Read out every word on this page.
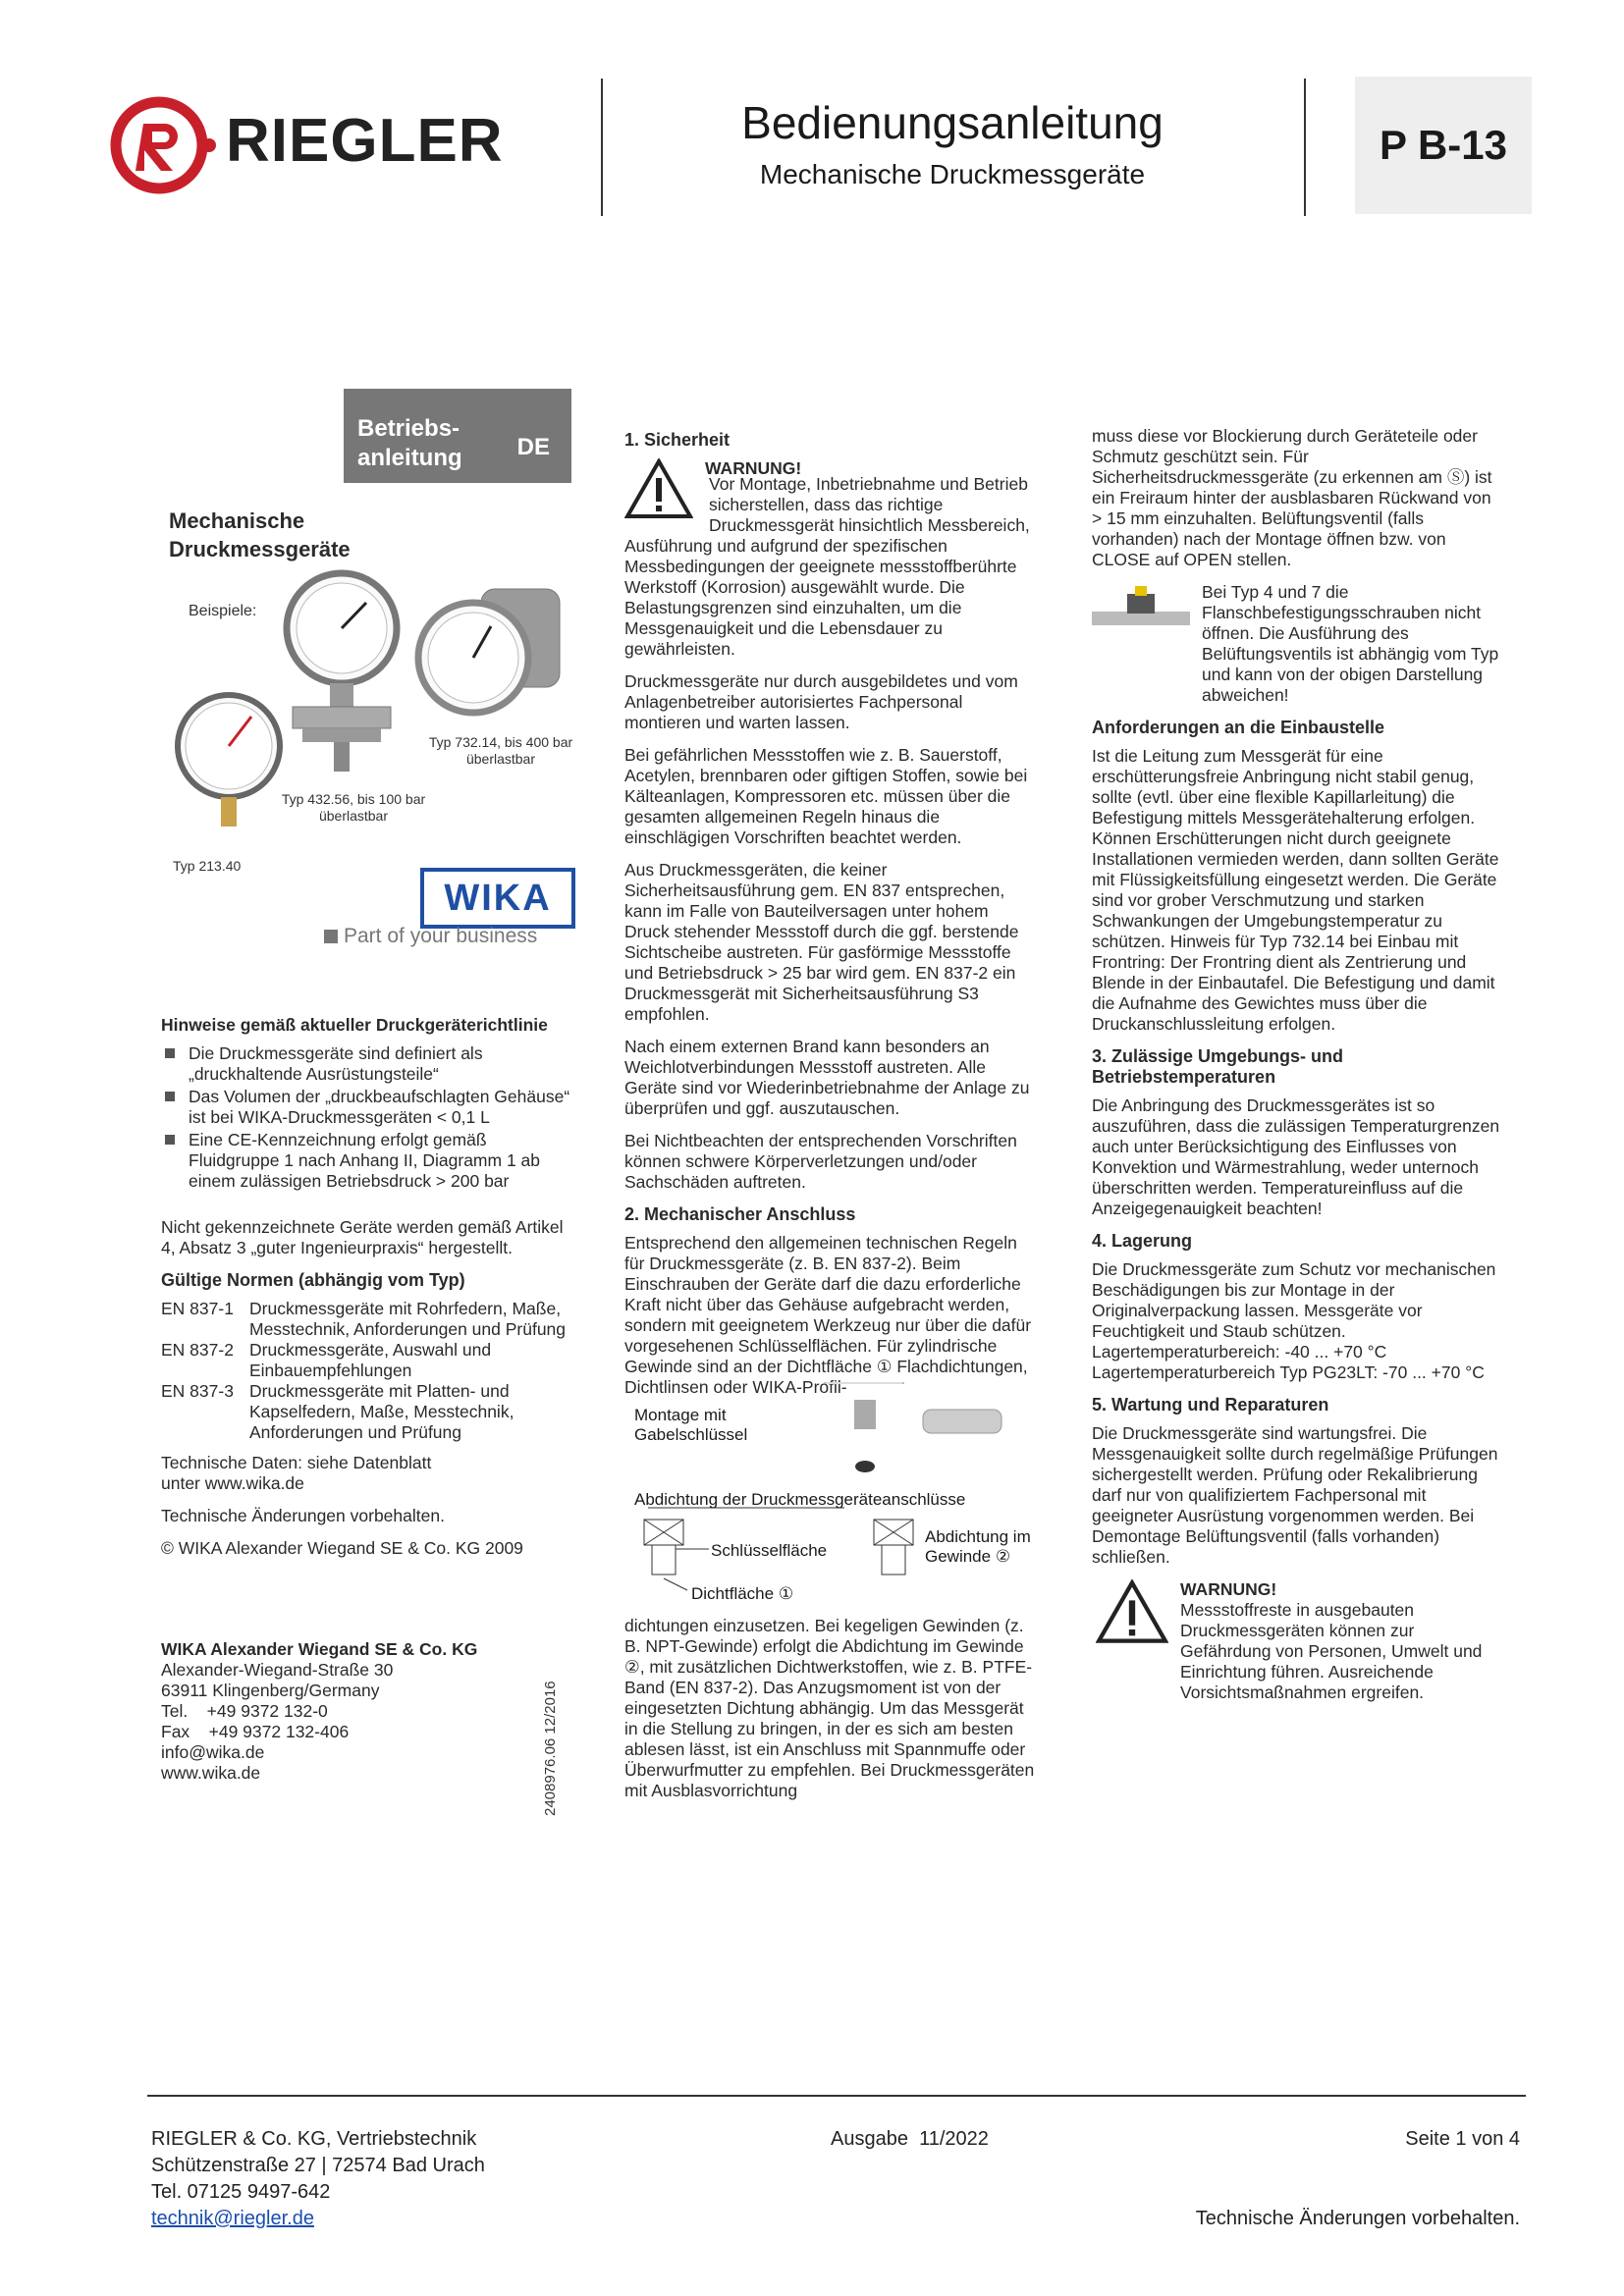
RIEGLER	Bedienungsanleitung
Mechanische Druckmessgeräte
P B-13
Betriebs-anleitung	DE
Mechanische Druckmessgeräte
Beispiele:
Typ 213.40
Typ 432.56, bis 100 bar überlastbar
Typ 732.14, bis 400 bar überlastbar
WIKA
Part of your business
Hinweise gemäß aktueller Druckgeräterichtlinie
Die Druckmessgeräte sind definiert als „druckhaltende Ausrüstungsteile“
Das Volumen der „druckbeaufschlagten Gehäuse“ ist bei WIKA-Druckmessgeräten < 0,1 L
Eine CE-Kennzeichnung erfolgt gemäß Fluidgruppe 1 nach Anhang II, Diagramm 1 ab einem zulässigen Betriebsdruck > 200 bar

Nicht gekennzeichnete Geräte werden gemäß Artikel 4, Absatz 3 „guter Ingenieurpraxis“ hergestellt.

Gültige Normen (abhängig vom Typ)
EN 837-1 Druckmessgeräte mit Rohrfedern, Maße, Messtechnik, Anforderungen und Prüfung
EN 837-2 Druckmessgeräte, Auswahl und Einbauempfehlungen
EN 837-3 Druckmessgeräte mit Platten- und Kapselfedern, Maße, Messtechnik, Anforderungen und Prüfung

Technische Daten: siehe Datenblatt unter www.wika.de

Technische Änderungen vorbehalten.

© WIKA Alexander Wiegand SE & Co. KG 2009

WIKA Alexander Wiegand SE & Co. KG
Alexander-Wiegand-Straße 30
63911 Klingenberg/Germany
Tel.    +49 9372 132-0
Fax    +49 9372 132-406
info@wika.de
www.wika.de	2408976.06 12/2016
1. Sicherheit
WARNUNG!

Vor Montage, Inbetriebnahme und Betrieb sicherstellen, dass das richtige Druckmessgerät hinsichtlich Messbereich, Ausführung und aufgrund der spezifischen Messbedingungen der geeignete messstoffberührte Werkstoff (Korrosion) ausgewählt wurde. Die Belastungsgrenzen sind einzuhalten, um die Messgenauigkeit und die Lebensdauer zu gewährleisten.

Druckmessgeräte nur durch ausgebildetes und vom Anlagenbetreiber autorisiertes Fachpersonal montieren und warten lassen.

Bei gefährlichen Messstoffen wie z. B. Sauerstoff, Acetylen, brennbaren oder giftigen Stoffen, sowie bei Kälteanlagen, Kompressoren etc. müssen über die gesamten allgemeinen Regeln hinaus die einschlägigen Vorschriften beachtet werden.

Aus Druckmessgeräten, die keiner Sicherheitsausführung gem. EN 837 entsprechen, kann im Falle von Bauteilversagen unter hohem Druck stehender Messstoff durch die ggf. berstende Sichtscheibe austreten. Für gasförmige Messstoffe und Betriebsdruck > 25 bar wird gem. EN 837-2 ein Druckmessgerät mit Sicherheitsausführung S3 empfohlen.

Nach einem externen Brand kann besonders an Weichlotverbindungen Messstoff austreten. Alle Geräte sind vor Wiederinbetriebnahme der Anlage zu überprüfen und ggf. auszutauschen.

Bei Nichtbeachten der entsprechenden Vorschriften können schwere Körperverletzungen und/oder Sachschäden auftreten.

2. Mechanischer Anschluss

Entsprechend den allgemeinen technischen Regeln für Druckmessgeräte (z. B. EN 837-2). Beim Einschrauben der Geräte darf die dazu erforderliche Kraft nicht über das Gehäuse aufgebracht werden, sondern mit geeignetem Werkzeug nur über die dafür vorgesehenen Schlüsselflächen. Für zylindrische Gewinde sind an der Dichtfläche ① Flachdichtungen, Dichtlinsen oder WIKA-Profil-

Montage mit Gabelschlüssel
Abdichtung der Druckmessgeräteanschlüsse
Schlüsselfläche
Dichtfläche ①
Abdichtung im Gewinde ②

dichtungen einzusetzen. Bei kegeligen Gewinden (z. B. NPT-Gewinde) erfolgt die Abdichtung im Gewinde ②, mit zusätzlichen Dichtwerkstoffen, wie z. B. PTFE-Band (EN 837-2). Das Anzugsmoment ist von der eingesetzten Dichtung abhängig. Um das Messgerät in die Stellung zu bringen, in der es sich am besten ablesen lässt, ist ein Anschluss mit Spannmuffe oder Überwurfmutter zu empfehlen. Bei Druckmessgeräten mit Ausblasvorrichtung

muss diese vor Blockierung durch Geräteteile oder Schmutz geschützt sein. Für Sicherheitsdruckmessgeräte (zu erkennen am Ⓢ) ist ein Freiraum hinter der ausblasbaren Rückwand von > 15 mm einzuhalten. Belüftungsventil (falls vorhanden) nach der Montage öffnen bzw. von CLOSE auf OPEN stellen.

Bei Typ 4 und 7 die Flanschbefestigungsschrauben nicht öffnen. Die Ausführung des Belüftungsventils ist abhängig vom Typ und kann von der obigen Darstellung abweichen!

Anforderungen an die Einbaustelle

Ist die Leitung zum Messgerät für eine erschütterungsfreie Anbringung nicht stabil genug, sollte (evtl. über eine flexible Kapillarleitung) die Befestigung mittels Messgerätehalterung erfolgen. Können Erschütterungen nicht durch geeignete Installationen vermieden werden, dann sollten Geräte mit Flüssigkeitsfüllung eingesetzt werden. Die Geräte sind vor grober Verschmutzung und starken Schwankungen der Umgebungstemperatur zu schützen. Hinweis für Typ 732.14 bei Einbau mit Frontring: Der Frontring dient als Zentrierung und Blende in der Einbautafel. Die Befestigung und damit die Aufnahme des Gewichtes muss über die Druckanschlussleitung erfolgen.

3. Zulässige Umgebungs- und Betriebstemperaturen

Die Anbringung des Druckmessgerätes ist so auszuführen, dass die zulässigen Temperaturgrenzen auch unter Berücksichtigung des Einflusses von Konvektion und Wärmestrahlung, weder unternoch überschritten werden. Temperatureinfluss auf die Anzeigegenauigkeit beachten!

4. Lagerung

Die Druckmessgeräte zum Schutz vor mechanischen Beschädigungen bis zur Montage in der Originalverpackung lassen. Messgeräte vor Feuchtigkeit und Staub schützen. Lagertemperaturbereich: -40 ... +70 °C Lagertemperaturbereich Typ PG23LT: -70 ... +70 °C

5. Wartung und Reparaturen

Die Druckmessgeräte sind wartungsfrei. Die Messgenauigkeit sollte durch regelmäßige Prüfungen sichergestellt werden. Prüfung oder Rekalibrierung darf nur von qualifiziertem Fachpersonal mit geeigneter Ausrüstung vorgenommen werden. Bei Demontage Belüftungsventil (falls vorhanden) schließen.

WARNUNG!
Messstoffreste in ausgebauten Druckmessgeräten können zur Gefährdung von Personen, Umwelt und Einrichtung führen. Ausreichende Vorsichtsmaßnahmen ergreifen.
RIEGLER & Co. KG, Vertriebstechnik
Schützenstraße 27 | 72574 Bad Urach
Tel. 07125 9497-642
technik@riegler.de
Ausgabe  11/2022	Seite 1 von 4
Technische Änderungen vorbehalten.
